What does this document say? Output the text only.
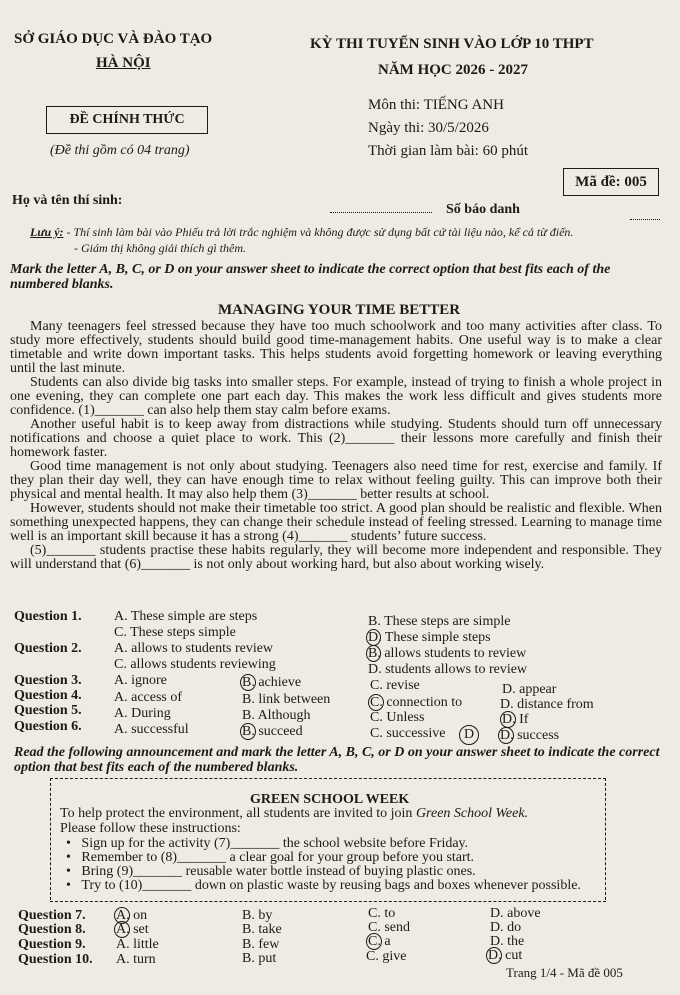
SỞ GIÁO DỤC VÀ ĐÀO TẠO
HÀ NỘI
KỲ THI TUYỂN SINH VÀO LỚP 10 THPT
NĂM HỌC 2026 - 2027
ĐỀ CHÍNH THỨC
(Đề thi gồm có 04 trang)
Môn thi: TIẾNG ANH
Ngày thi: 30/5/2026
Thời gian làm bài: 60 phút
Mã đề: 005
Họ và tên thí sinh:
Số báo danh
Lưu ý: - Thí sinh làm bài vào Phiếu trả lời trắc nghiệm và không được sử dụng bất cứ tài liệu nào, kể cả từ điển.
- Giám thị không giải thích gì thêm.
Mark the letter A, B, C, or D on your answer sheet to indicate the correct option that best fits each of the numbered blanks.
MANAGING YOUR TIME BETTER

Many teenagers feel stressed because they have too much schoolwork and too many activities after class. To study more effectively, students should build good time-management habits. One useful way is to make a clear timetable and write down important tasks. This helps students avoid forgetting homework or leaving everything until the last minute.

Students can also divide big tasks into smaller steps. For example, instead of trying to finish a whole project in one evening, they can complete one part each day. This makes the work less difficult and gives students more confidence. (1)_______ can also help them stay calm before exams.

Another useful habit is to keep away from distractions while studying. Students should turn off unnecessary notifications and choose a quiet place to work. This (2)_______ their lessons more carefully and finish their homework faster.

Good time management is not only about studying. Teenagers also need time for rest, exercise and family. If they plan their day well, they can have enough time to relax without feeling guilty. This can improve both their physical and mental health. It may also help them (3)_______ better results at school.

However, students should not make their timetable too strict. A good plan should be realistic and flexible. When something unexpected happens, they can change their schedule instead of feeling stressed. Learning to manage time well is an important skill because it has a strong (4)_______ students’ future success.

(5)_______ students practise these habits regularly, they will become more independent and responsible. They will understand that (6)_______ is not only about working hard, but also about working wisely.

Question 1. A. These simple are steps	B. These steps are simple
C. These steps simple	D. These simple steps
Question 2. A. allows to students review	B. allows students to review
C. allows students reviewing	D. students allows to review
Question 3. A. ignore	B. achieve	C. revise	D. appear
Question 4. A. access of	B. link between	C. connection to	D. distance from
Question 5. A. During	B. Although	C. Unless	D. If
Question 6. A. successful	B. succeed	C. successive	D	D. success
Read the following announcement and mark the letter A, B, C, or D on your answer sheet to indicate the correct option that best fits each of the numbered blanks.
GREEN SCHOOL WEEK
To help protect the environment, all students are invited to join Green School Week.
Please follow these instructions:
•   Sign up for the activity (7)_______ the school website before Friday.
•   Remember to (8)_______ a clear goal for your group before you start.
•   Bring (9)_______ reusable water bottle instead of buying plastic ones.
•   Try to (10)_______ down on plastic waste by reusing bags and boxes whenever possible.
Question 7. A. on	B. by	C. to	D. above
Question 8. A. set	B. take	C. send	D. do
Question 9. A. little	B. few	C. a	D. the
Question 10. A. turn	B. put	C. give	D. cut
Trang 1/4 - Mã đề 005
